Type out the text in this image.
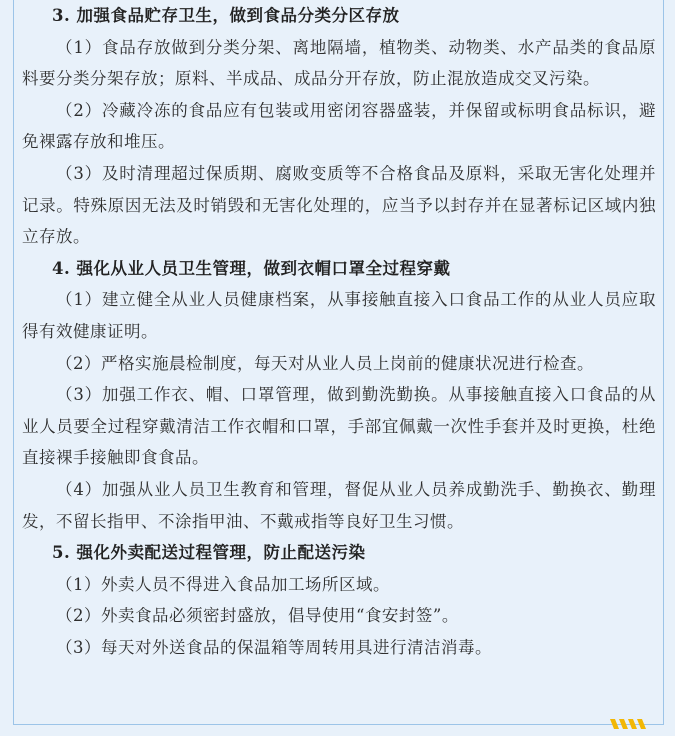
3. 加强食品贮存卫生，做到食品分类分区存放

（1）食品存放做到分类分架、离地隔墙，植物类、动物类、水产品类的食品原料要分类分架存放；原料、半成品、成品分开存放，防止混放造成交叉污染。

（2）冷藏冷冻的食品应有包装或用密闭容器盛装，并保留或标明食品标识，避免裸露存放和堆压。

（3）及时清理超过保质期、腐败变质等不合格食品及原料，采取无害化处理并记录。特殊原因无法及时销毁和无害化处理的，应当予以封存并在显著标记区域内独立存放。

4. 强化从业人员卫生管理，做到衣帽口罩全过程穿戴

（1）建立健全从业人员健康档案，从事接触直接入口食品工作的从业人员应取得有效健康证明。

（2）严格实施晨检制度，每天对从业人员上岗前的健康状况进行检查。

（3）加强工作衣、帽、口罩管理，做到勤洗勤换。从事接触直接入口食品的从业人员要全过程穿戴清洁工作衣帽和口罩，手部宜佩戴一次性手套并及时更换，杜绝直接裸手接触即食食品。

（4）加强从业人员卫生教育和管理，督促从业人员养成勤洗手、勤换衣、勤理发，不留长指甲、不涂指甲油、不戴戒指等良好卫生习惯。

5. 强化外卖配送过程管理，防止配送污染

（1）外卖人员不得进入食品加工场所区域。

（2）外卖食品必须密封盛放，倡导使用“食安封签”。

（3）每天对外送食品的保温箱等周转用具进行清洁消毒。
